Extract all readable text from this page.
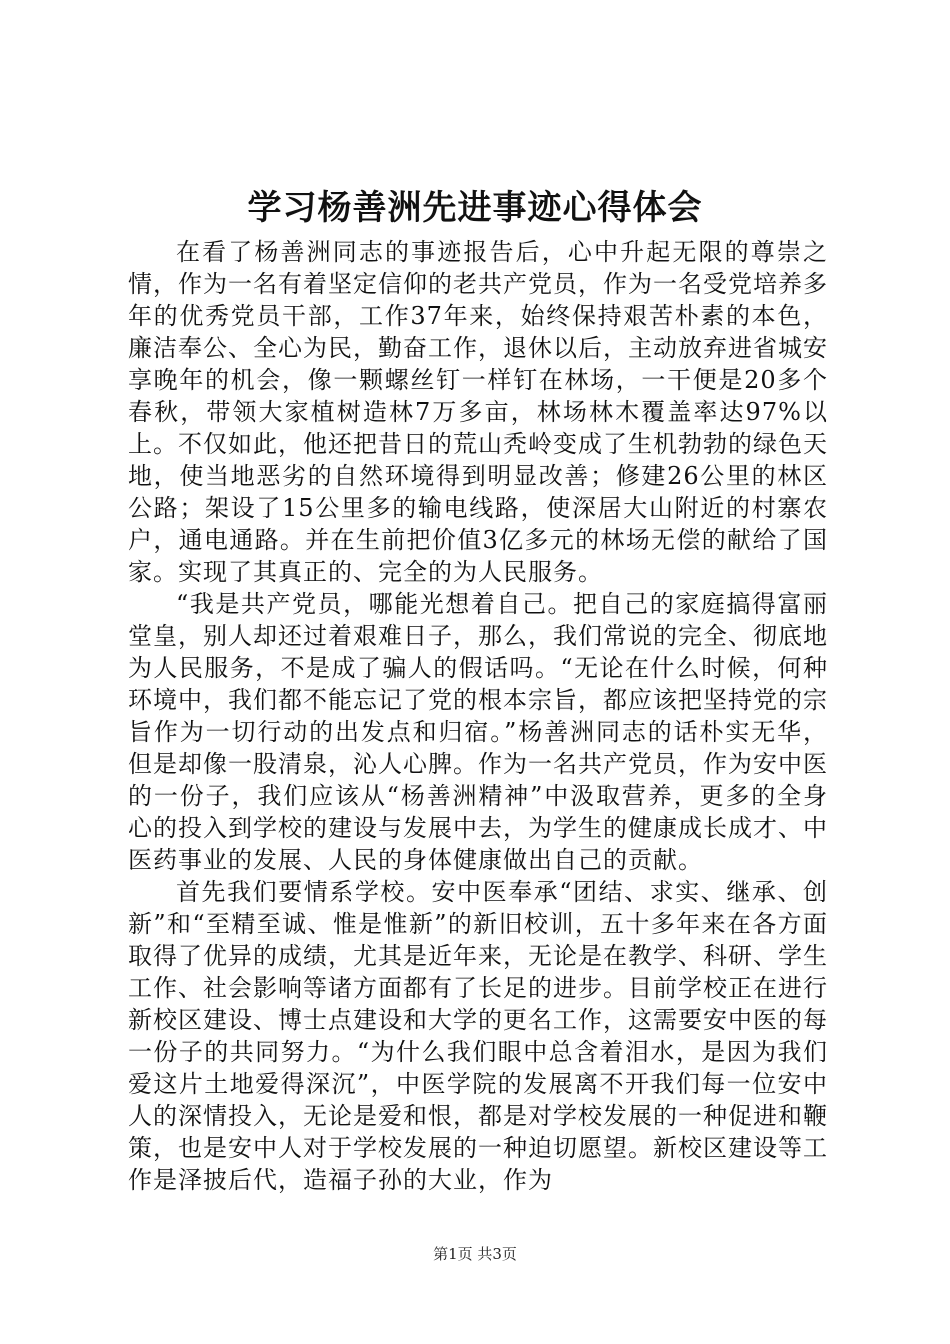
学习杨善洲先进事迹心得体会

在看了杨善洲同志的事迹报告后，心中升起无限的尊崇之情，作为一名有着坚定信仰的老共产党员，作为一名受党培养多年的优秀党员干部，工作37年来，始终保持艰苦朴素的本色，廉洁奉公、全心为民，勤奋工作，退休以后，主动放弃进省城安享晚年的机会，像一颗螺丝钉一样钉在林场，一干便是20多个春秋，带领大家植树造林7万多亩，林场林木覆盖率达97%以上。不仅如此，他还把昔日的荒山秃岭变成了生机勃勃的绿色天地，使当地恶劣的自然环境得到明显改善；修建26公里的林区公路；架设了15公里多的输电线路，使深居大山附近的村寨农户，通电通路。并在生前把价值3亿多元的林场无偿的献给了国家。实现了其真正的、完全的为人民服务。

“我是共产党员，哪能光想着自己。把自己的家庭搞得富丽堂皇，别人却还过着艰难日子，那么，我们常说的完全、彻底地为人民服务，不是成了骗人的假话吗。“无论在什么时候，何种环境中，我们都不能忘记了党的根本宗旨，都应该把坚持党的宗旨作为一切行动的出发点和归宿。”杨善洲同志的话朴实无华，但是却像一股清泉，沁人心脾。作为一名共产党员，作为安中医的一份子，我们应该从“杨善洲精神”中汲取营养，更多的全身心的投入到学校的建设与发展中去，为学生的健康成长成才、中医药事业的发展、人民的身体健康做出自己的贡献。

首先我们要情系学校。安中医奉承“团结、求实、继承、创新”和“至精至诚、惟是惟新”的新旧校训，五十多年来在各方面取得了优异的成绩，尤其是近年来，无论是在教学、科研、学生工作、社会影响等诸方面都有了长足的进步。目前学校正在进行新校区建设、博士点建设和大学的更名工作，这需要安中医的每一份子的共同努力。“为什么我们眼中总含着泪水，是因为我们爱这片土地爱得深沉”，中医学院的发展离不开我们每一位安中人的深情投入，无论是爱和恨，都是对学校发展的一种促进和鞭策，也是安中人对于学校发展的一种迫切愿望。新校区建设等工作是泽披后代，造福子孙的大业，作为

第1页 共3页
